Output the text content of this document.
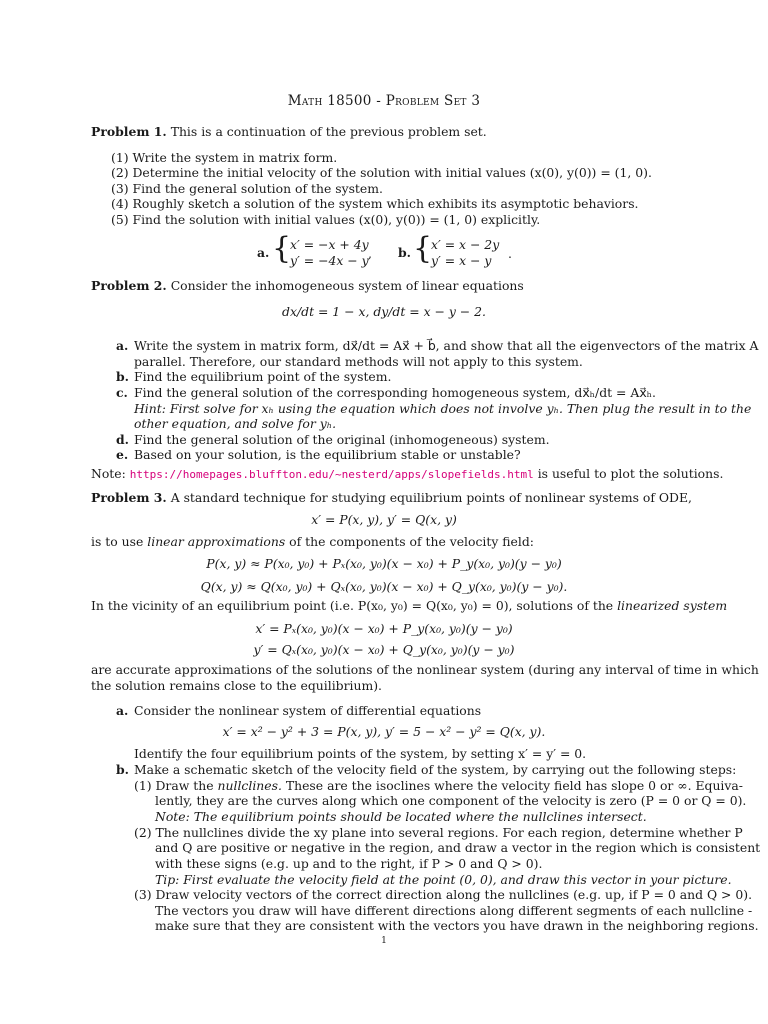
Math 18500 - Problem Set 3
Problem 1. This is a continuation of the previous problem set.
(1) Write the system in matrix form.
(2) Determine the initial velocity of the solution with initial values (x(0), y(0)) = (1, 0).
(3) Find the general solution of the system.
(4) Roughly sketch a solution of the system which exhibits its asymptotic behaviors.
(5) Find the solution with initial values (x(0), y(0)) = (1, 0) explicitly.
a. {
x′ = −x + 4y
y′ = −4x − y , b. {
x′ = x − 2y
y′ = x − y .
Problem 2. Consider the inhomogeneous system of linear equations
dx/dt = 1 − x, dy/dt = x − y − 2.
a. Write the system in matrix form, dx⃗/dt = Ax⃗ + b⃗, and show that all the eigenvectors of the matrix A
parallel. Therefore, our standard methods will not apply to this system.
b. Find the equilibrium point of the system.
c. Find the general solution of the corresponding homogeneous system, dx⃗ₕ/dt = Ax⃗ₕ.
Hint: First solve for xₕ using the equation which does not involve yₕ. Then plug the result in to the
other equation, and solve for yₕ.
d. Find the general solution of the original (inhomogeneous) system.
e. Based on your solution, is the equilibrium stable or unstable?
Note: https://homepages.bluffton.edu/~nesterd/apps/slopefields.html is useful to plot the solutions.
Problem 3. A standard technique for studying equilibrium points of nonlinear systems of ODE,
x′ = P(x, y), y′ = Q(x, y)
is to use linear approximations of the components of the velocity field:
P(x, y) ≈ P(x₀, y₀) + Pₓ(x₀, y₀)(x − x₀) + P_y(x₀, y₀)(y − y₀)
Q(x, y) ≈ Q(x₀, y₀) + Qₓ(x₀, y₀)(x − x₀) + Q_y(x₀, y₀)(y − y₀).
In the vicinity of an equilibrium point (i.e. P(x₀, y₀) = Q(x₀, y₀) = 0), solutions of the linearized system
x′ = Pₓ(x₀, y₀)(x − x₀) + P_y(x₀, y₀)(y − y₀)
y′ = Qₓ(x₀, y₀)(x − x₀) + Q_y(x₀, y₀)(y − y₀)
are accurate approximations of the solutions of the nonlinear system (during any interval of time in which
the solution remains close to the equilibrium).
a. Consider the nonlinear system of differential equations
x′ = x² − y² + 3 = P(x, y), y′ = 5 − x² − y² = Q(x, y).
Identify the four equilibrium points of the system, by setting x′ = y′ = 0.
b. Make a schematic sketch of the velocity field of the system, by carrying out the following steps:
(1) Draw the nullclines. These are the isoclines where the velocity field has slope 0 or ∞. Equiva-
lently, they are the curves along which one component of the velocity is zero (P = 0 or Q = 0).
Note: The equilibrium points should be located where the nullclines intersect.
(2) The nullclines divide the xy plane into several regions. For each region, determine whether P
and Q are positive or negative in the region, and draw a vector in the region which is consistent
with these signs (e.g. up and to the right, if P > 0 and Q > 0).
Tip: First evaluate the velocity field at the point (0, 0), and draw this vector in your picture.
(3) Draw velocity vectors of the correct direction along the nullclines (e.g. up, if P = 0 and Q > 0).
The vectors you draw will have different directions along different segments of each nullcline -
make sure that they are consistent with the vectors you have drawn in the neighboring regions.
1
